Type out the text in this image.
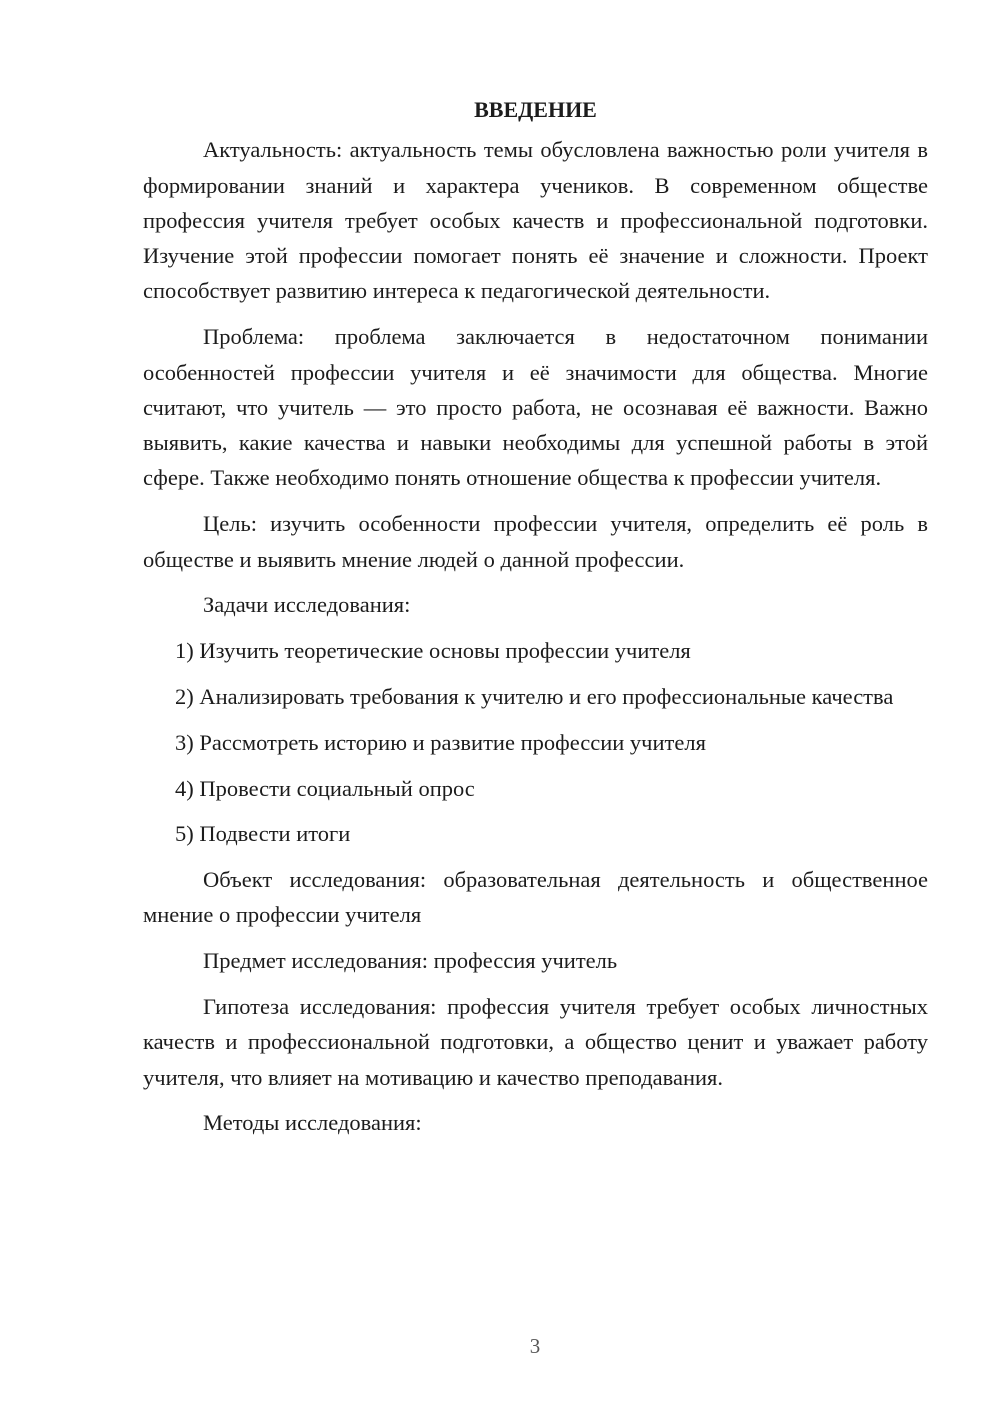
ВВЕДЕНИЕ

Актуальность: актуальность темы обусловлена важностью роли учителя в формировании знаний и характера учеников. В современном обществе профессия учителя требует особых качеств и профессиональной подготовки. Изучение этой профессии помогает понять её значение и сложности. Проект способствует развитию интереса к педагогической деятельности.

Проблема: проблема заключается в недостаточном понимании особенностей профессии учителя и её значимости для общества. Многие считают, что учитель — это просто работа, не осознавая её важности. Важно выявить, какие качества и навыки необходимы для успешной работы в этой сфере. Также необходимо понять отношение общества к профессии учителя.

Цель: изучить особенности профессии учителя, определить её роль в обществе и выявить мнение людей о данной профессии.

Задачи исследования:

1) Изучить теоретические основы профессии учителя

2) Анализировать требования к учителю и его профессиональные качества

3) Рассмотреть историю и развитие профессии учителя

4) Провести социальный опрос

5) Подвести итоги

Объект исследования: образовательная деятельность и общественное мнение о профессии учителя

Предмет исследования: профессия учитель

Гипотеза исследования: профессия учителя требует особых личностных качеств и профессиональной подготовки, а общество ценит и уважает работу учителя, что влияет на мотивацию и качество преподавания.

Методы исследования:

3
